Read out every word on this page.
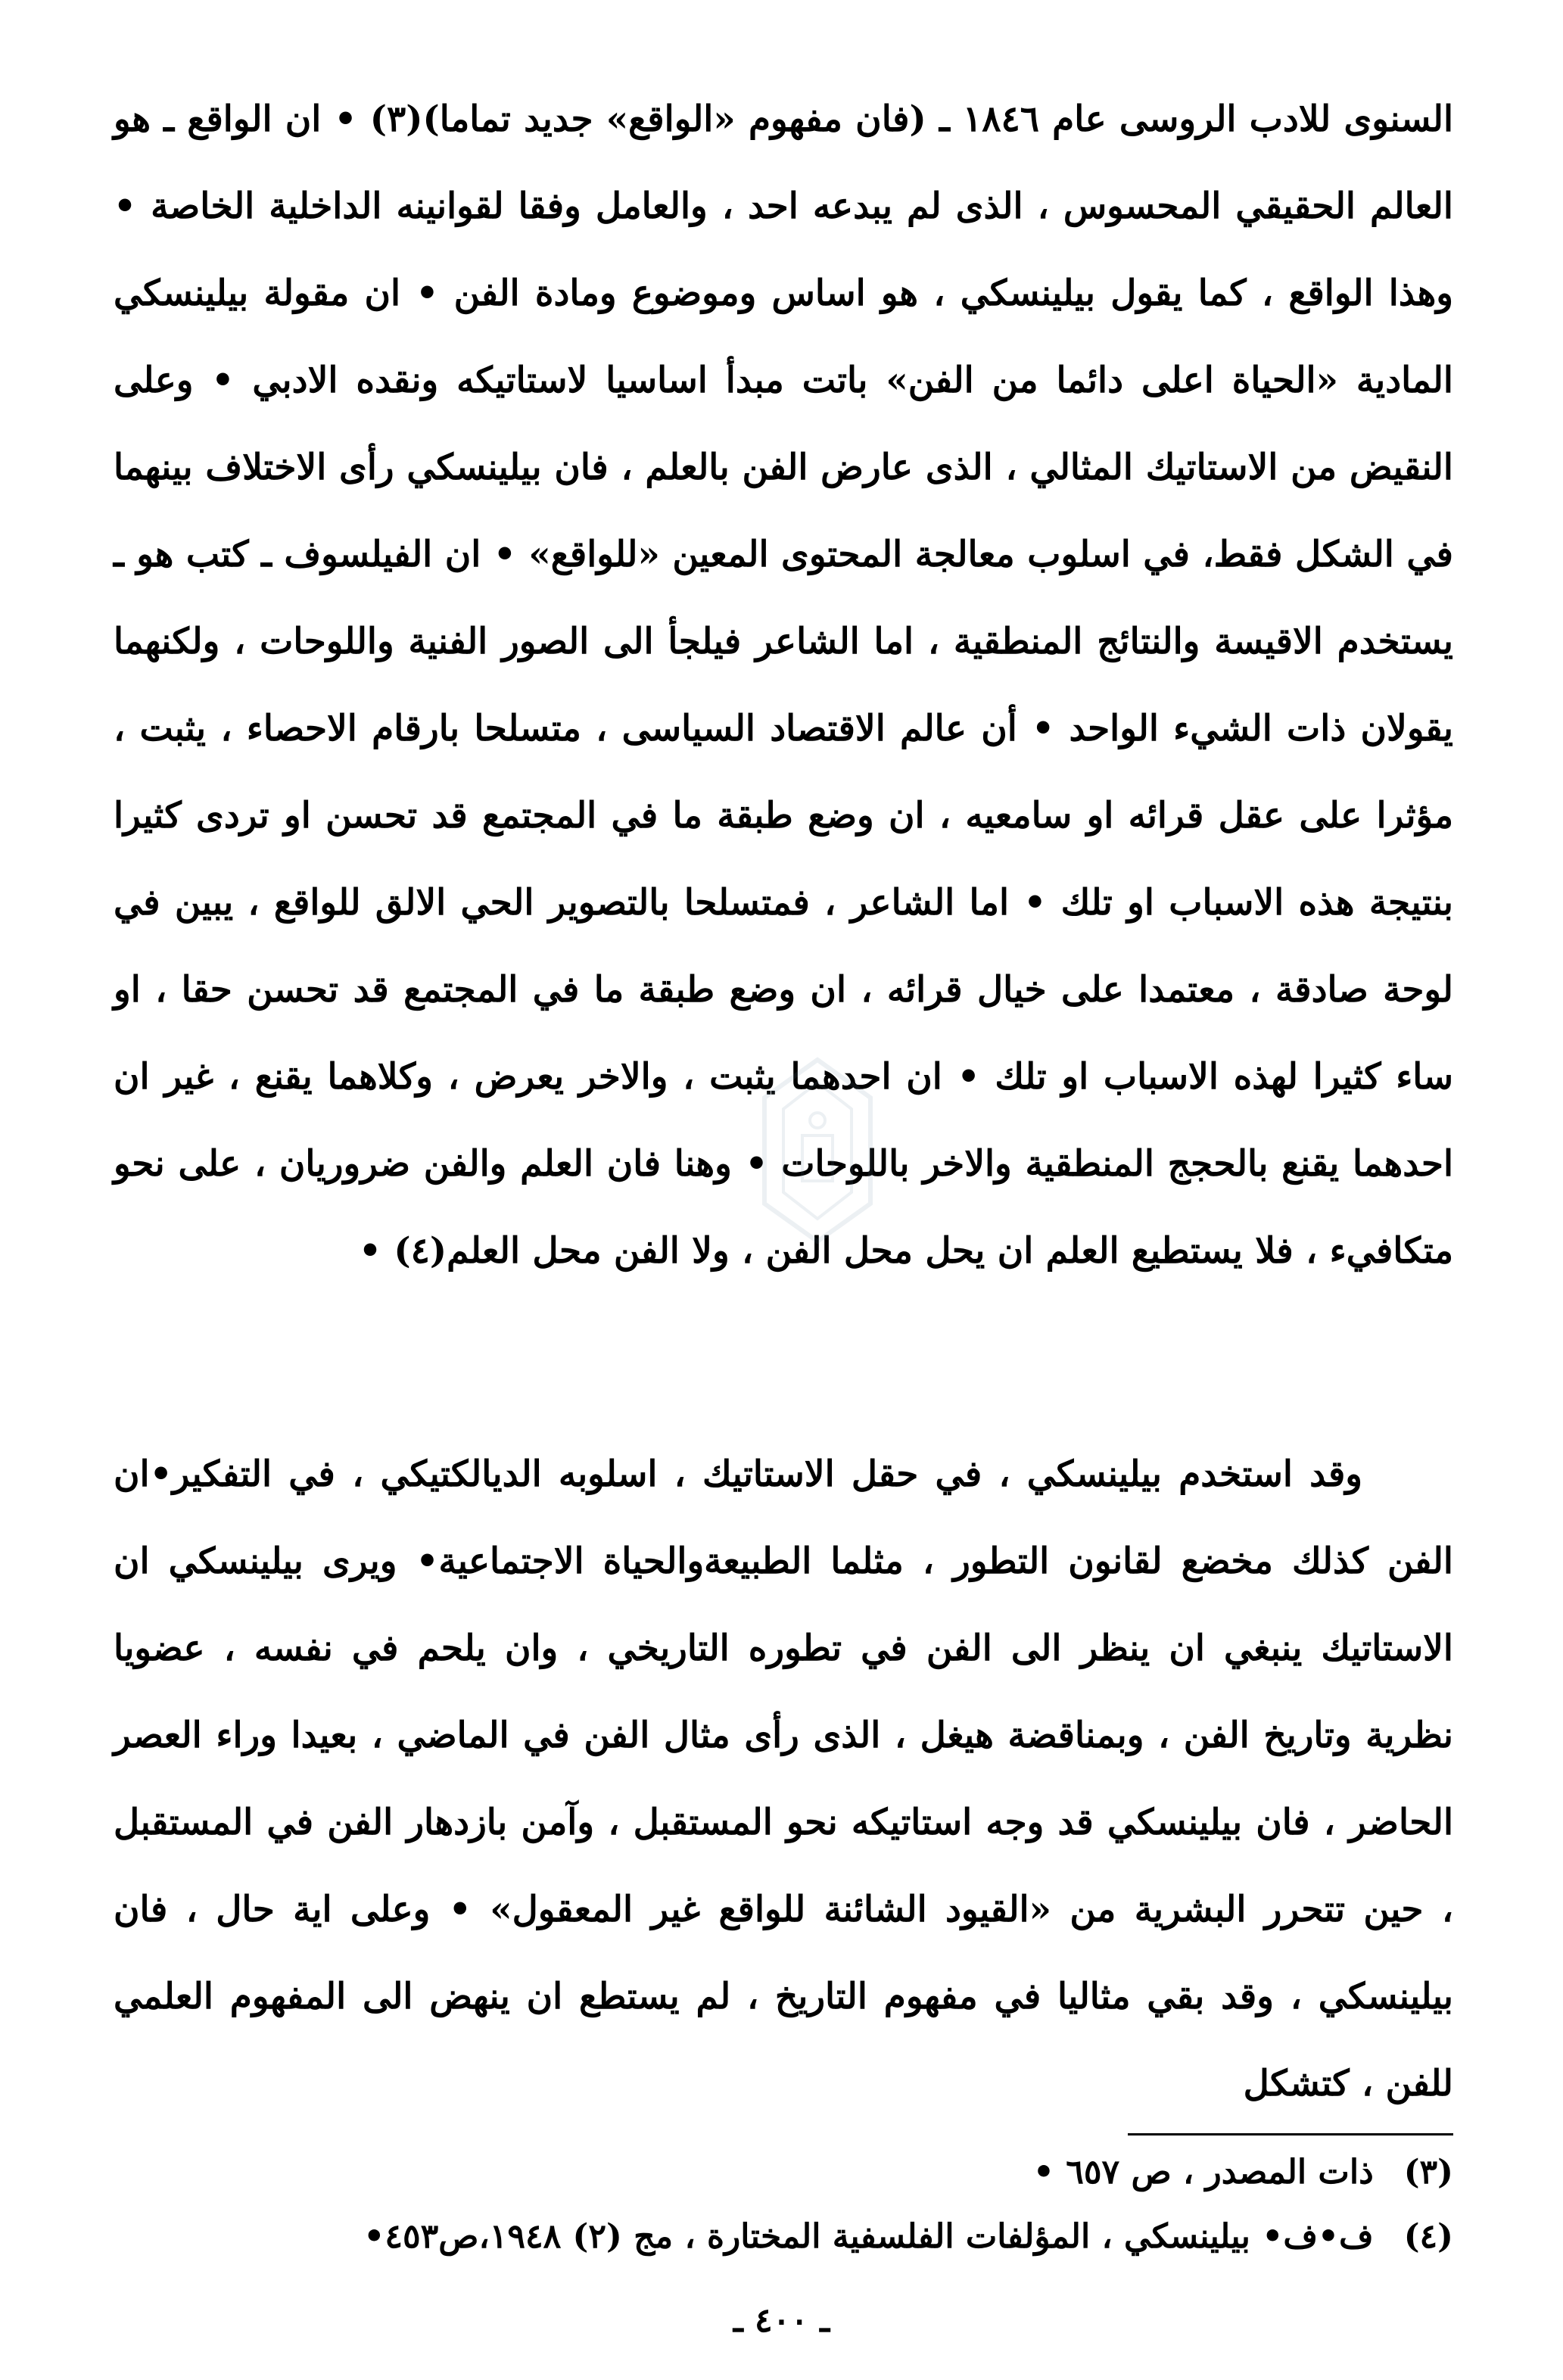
السنوى للادب الروسى عام ١٨٤٦ ـ (فان مفهوم «الواقع» جديد تماما)(٣) • ان الواقع ـ هو العالم الحقيقي المحسوس ، الذى لم يبدعه احد ، والعامل وفقا لقوانينه الداخلية الخاصة • وهذا الواقع ، كما يقول بيلينسكي ، هو اساس وموضوع ومادة الفن • ان مقولة بيلينسكي المادية «الحياة اعلى دائما من الفن» باتت مبدأ اساسيا لاستاتيكه ونقده الادبي • وعلى النقيض من الاستاتيك المثالي ، الذى عارض الفن بالعلم ، فان بيلينسكي رأى الاختلاف بينهما في الشكل فقط، في اسلوب معالجة المحتوى المعين «للواقع» • ان الفيلسوف ـ كتب هو ـ يستخدم الاقيسة والنتائج المنطقية ، اما الشاعر فيلجأ الى الصور الفنية واللوحات ، ولكنهما يقولان ذات الشيء الواحد • أن عالم الاقتصاد السياسى ، متسلحا بارقام الاحصاء ، يثبت ، مؤثرا على عقل قرائه او سامعيه ، ان وضع طبقة ما في المجتمع قد تحسن او تردى كثيرا بنتيجة هذه الاسباب او تلك • اما الشاعر ، فمتسلحا بالتصوير الحي الالق للواقع ، يبين في لوحة صادقة ، معتمدا على خيال قرائه ، ان وضع طبقة ما في المجتمع قد تحسن حقا ، او ساء كثيرا لهذه الاسباب او تلك • ان احدهما يثبت ، والاخر يعرض ، وكلاهما يقنع ، غير ان احدهما يقنع بالحجج المنطقية والاخر باللوحات • وهنا فان العلم والفن ضروريان ، على نحو متكافيء ، فلا يستطيع العلم ان يحل محل الفن ، ولا الفن محل العلم(٤) •
وقد استخدم بيلينسكي ، في حقل الاستاتيك ، اسلوبه الديالكتيكي ، في التفكير•ان الفن كذلك مخضع لقانون التطور ، مثلما الطبيعةوالحياة الاجتماعية• ويرى بيلينسكي ان الاستاتيك ينبغي ان ينظر الى الفن في تطوره التاريخي ، وان يلحم في نفسه ، عضويا نظرية وتاريخ الفن ، وبمناقضة هيغل ، الذى رأى مثال الفن في الماضي ، بعيدا وراء العصر الحاضر ، فان بيلينسكي قد وجه استاتيكه نحو المستقبل ، وآمن بازدهار الفن في المستقبل ، حين تتحرر البشرية من «القيود الشائنة للواقع غير المعقول» • وعلى اية حال ، فان بيلينسكي ، وقد بقي مثاليا في مفهوم التاريخ ، لم يستطع ان ينهض الى المفهوم العلمي للفن ، كتشكل
(٣) ذات المصدر ، ص ٦٥٧ •
(٤) ف•ف• بيلينسكي ، المؤلفات الفلسفية المختارة ، مج (٢) ١٩٤٨،ص٤٥٣•
ـ ٤٠٠ ـ
